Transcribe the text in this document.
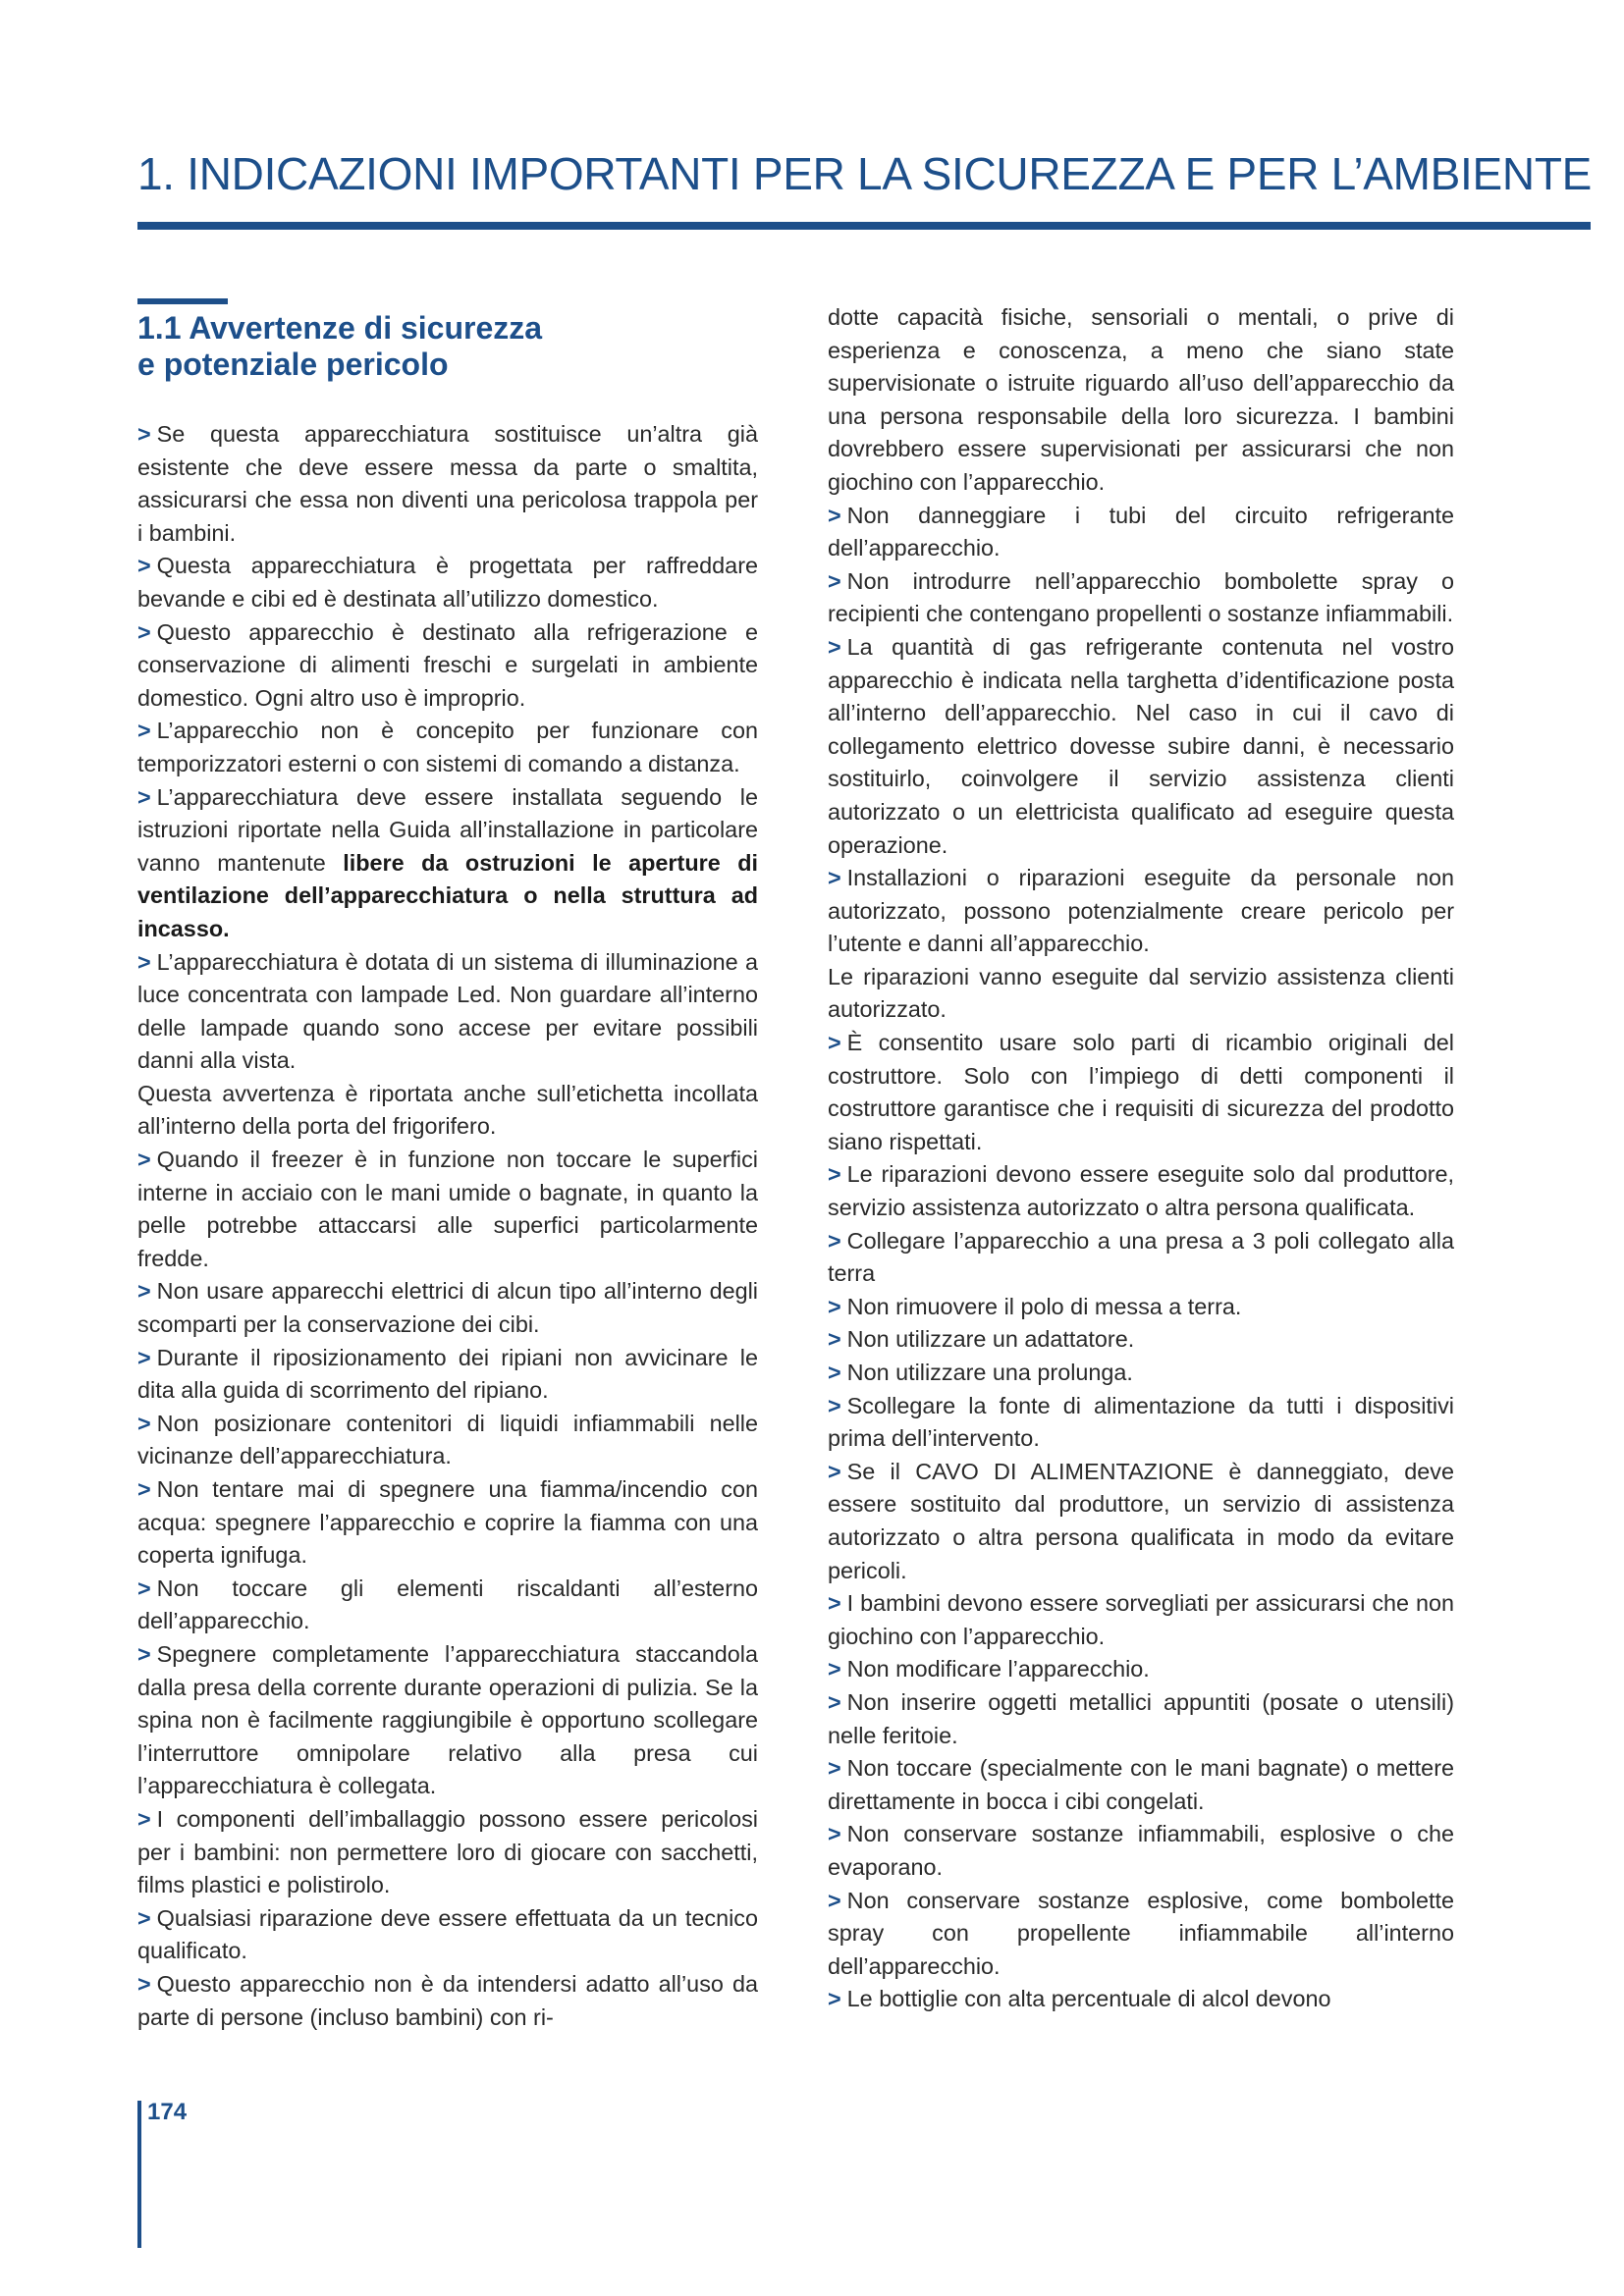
1. INDICAZIONI IMPORTANTI PER LA SICUREZZA E PER L’AMBIENTE
1.1 Avvertenze di sicurezza
e potenziale pericolo

> Se questa apparecchiatura sostituisce un’altra già esistente che deve essere messa da parte o smaltita, assicurarsi che essa non diventi una pericolosa trappola per i bambini.

> Questa apparecchiatura è progettata per raffreddare bevande e cibi ed è destinata all’utilizzo domestico.

> Questo apparecchio è destinato alla refrigerazione e conservazione di alimenti freschi e surgelati in ambiente domestico. Ogni altro uso è improprio.

> L’apparecchio non è concepito per funzionare con temporizzatori esterni o con sistemi di comando a distanza.

> L’apparecchiatura deve essere installata seguendo le istruzioni riportate nella Guida all’installazione in particolare vanno mantenute libere da ostruzioni le aperture di ventilazione dell’apparecchiatura o nella struttura ad incasso.

> L’apparecchiatura è dotata di un sistema di illuminazione a luce concentrata con lampade Led. Non guardare all’interno delle lampade quando sono accese per evitare possibili danni alla vista.

Questa avvertenza è riportata anche sull’etichetta incollata all’interno della porta del frigorifero.

> Quando il freezer è in funzione non toccare le superfici interne in acciaio con le mani umide o bagnate, in quanto la pelle potrebbe attaccarsi alle superfici particolarmente fredde.

> Non usare apparecchi elettrici di alcun tipo all’interno degli scomparti per la conservazione dei cibi.

> Durante il riposizionamento dei ripiani non avvicinare le dita alla guida di scorrimento del ripiano.

> Non posizionare contenitori di liquidi infiammabili nelle vicinanze dell’apparecchiatura.

> Non tentare mai di spegnere una fiamma/incendio con acqua: spegnere l’apparecchio e coprire la fiamma con una coperta ignifuga.

> Non toccare gli elementi riscaldanti all’esterno dell’apparecchio.

> Spegnere completamente l’apparecchiatura staccandola dalla presa della corrente durante operazioni di pulizia. Se la spina non è facilmente raggiungibile è opportuno scollegare l’interruttore omnipolare relativo alla presa cui l’apparecchiatura è collegata.

> I componenti dell’imballaggio possono essere pericolosi per i bambini: non permettere loro di giocare con sacchetti, films plastici e polistirolo.

> Qualsiasi riparazione deve essere effettuata da un tecnico qualificato.

> Questo apparecchio non è da intendersi adatto all’uso da parte di persone (incluso bambini) con ri-

dotte capacità fisiche, sensoriali o mentali, o prive di esperienza e conoscenza, a meno che siano state supervisionate o istruite riguardo all’uso dell’apparecchio da una persona responsabile della loro sicurezza. I bambini dovrebbero essere supervisionati per assicurarsi che non giochino con l’apparecchio.

> Non danneggiare i tubi del circuito refrigerante dell’apparecchio.

> Non introdurre nell’apparecchio bombolette spray o recipienti che contengano propellenti o sostanze infiammabili.

> La quantità di gas refrigerante contenuta nel vostro apparecchio è indicata nella targhetta d’identificazione posta all’interno dell’apparecchio. Nel caso in cui il cavo di collegamento elettrico dovesse subire danni, è necessario sostituirlo, coinvolgere il servizio assistenza clienti autorizzato o un elettricista qualificato ad eseguire questa operazione.

> Installazioni o riparazioni eseguite da personale non autorizzato, possono potenzialmente creare pericolo per l’utente e danni all’apparecchio.

Le riparazioni vanno eseguite dal servizio assistenza clienti autorizzato.

> È consentito usare solo parti di ricambio originali del costruttore. Solo con l’impiego di detti componenti il costruttore garantisce che i requisiti di sicurezza del prodotto siano rispettati.

> Le riparazioni devono essere eseguite solo dal produttore, servizio assistenza autorizzato o altra persona qualificata.

> Collegare l’apparecchio a una presa a 3 poli collegato alla terra

> Non rimuovere il polo di messa a terra.

> Non utilizzare un adattatore.

> Non utilizzare una prolunga.

> Scollegare la fonte di alimentazione da tutti i dispositivi prima dell’intervento.

> Se il CAVO DI ALIMENTAZIONE è danneggiato, deve essere sostituito dal produttore, un servizio di assistenza autorizzato o altra persona qualificata in modo da evitare pericoli.

> I bambini devono essere sorvegliati per assicurarsi che non giochino con l’apparecchio.

> Non modificare l’apparecchio.

> Non inserire oggetti metallici appuntiti (posate o utensili) nelle feritoie.

> Non toccare (specialmente con le mani bagnate) o mettere direttamente in bocca i cibi congelati.

> Non conservare sostanze infiammabili, esplosive o che evaporano.

> Non conservare sostanze esplosive, come bombolette spray con propellente infiammabile all’interno dell’apparecchio.

> Le bottiglie con alta percentuale di alcol devono

174
